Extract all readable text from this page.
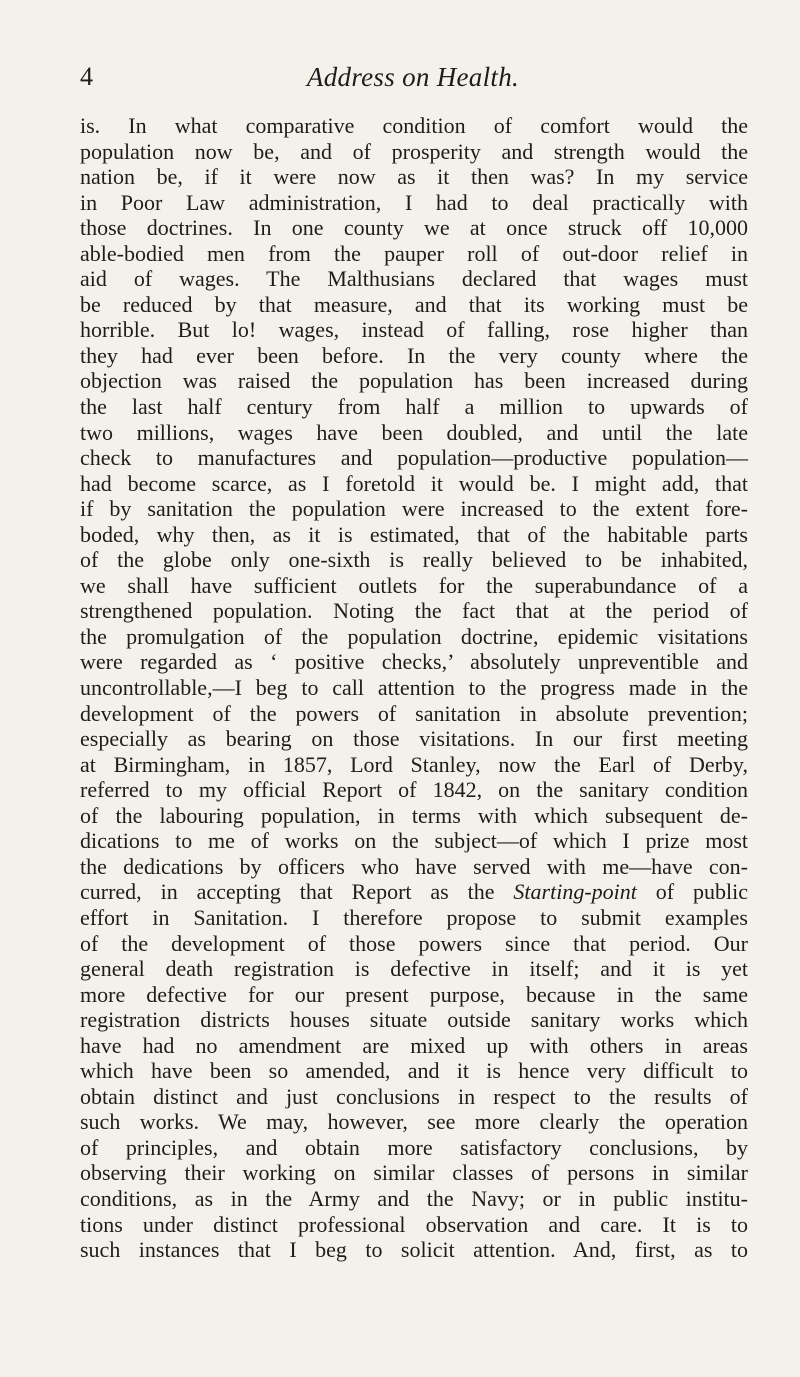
4	Address on Health.
is. In what comparative condition of comfort would the
population now be, and of prosperity and strength would the
nation be, if it were now as it then was? In my service
in Poor Law administration, I had to deal practically with
those doctrines. In one county we at once struck off 10,000
able-bodied men from the pauper roll of out-door relief in
aid of wages. The Malthusians declared that wages must
be reduced by that measure, and that its working must be
horrible. But lo! wages, instead of falling, rose higher than
they had ever been before. In the very county where the
objection was raised the population has been increased during
the last half century from half a million to upwards of
two millions, wages have been doubled, and until the late
check to manufactures and population—productive population—
had become scarce, as I foretold it would be. I might add, that
if by sanitation the population were increased to the extent fore-
boded, why then, as it is estimated, that of the habitable parts
of the globe only one-sixth is really believed to be inhabited,
we shall have sufficient outlets for the superabundance of a
strengthened population. Noting the fact that at the period of
the promulgation of the population doctrine, epidemic visitations
were regarded as ‘ positive checks,’ absolutely unpreventible and
uncontrollable,—I beg to call attention to the progress made in the
development of the powers of sanitation in absolute prevention;
especially as bearing on those visitations. In our first meeting
at Birmingham, in 1857, Lord Stanley, now the Earl of Derby,
referred to my official Report of 1842, on the sanitary condition
of the labouring population, in terms with which subsequent de-
dications to me of works on the subject—of which I prize most
the dedications by officers who have served with me—have con-
curred, in accepting that Report as the Starting-point of public
effort in Sanitation. I therefore propose to submit examples
of the development of those powers since that period. Our
general death registration is defective in itself; and it is yet
more defective for our present purpose, because in the same
registration districts houses situate outside sanitary works which
have had no amendment are mixed up with others in areas
which have been so amended, and it is hence very difficult to
obtain distinct and just conclusions in respect to the results of
such works. We may, however, see more clearly the operation
of principles, and obtain more satisfactory conclusions, by
observing their working on similar classes of persons in similar
conditions, as in the Army and the Navy; or in public institu-
tions under distinct professional observation and care. It is to
such instances that I beg to solicit attention. And, first, as to
